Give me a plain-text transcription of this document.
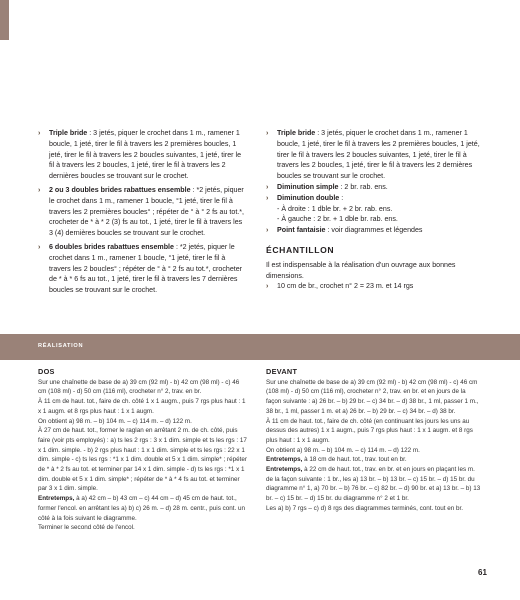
› Triple bride : 3 jetés, piquer le crochet dans 1 m., ramener 1 boucle, 1 jeté, tirer le fil à travers les 2 premières boucles, 1 jeté, tirer le fil à travers les 2 boucles suivantes, 1 jeté, tirer le fil à travers les 2 boucles, 1 jeté, tirer le fil à travers les 2 dernières boucles se trouvant sur le crochet.
› 2 ou 3 doubles brides rabattues ensemble : *2 jetés, piquer le crochet dans 1 m., ramener 1 boucle, °1 jeté, tirer le fil à travers les 2 premières boucles° ; répéter de ° à ° 2 fs au tot.*, crocheter de * à * 2 (3) fs au tot., 1 jeté, tirer le fil à travers les 3 (4) dernières boucles se trouvant sur le crochet.
› 6 doubles brides rabattues ensemble : *2 jetés, piquer le crochet dans 1 m., ramener 1 boucle, °1 jeté, tirer le fil à travers les 2 boucles° ; répéter de ° à ° 2 fs au tot.*, crocheter de * à * 6 fs au tot., 1 jeté, tirer le fil à travers les 7 dernières boucles se trouvant sur le crochet.
› Triple bride : 3 jetés, piquer le crochet dans 1 m., ramener 1 boucle, 1 jeté, tirer le fil à travers les 2 premières boucles, 1 jeté, tirer le fil à travers les 2 boucles suivantes, 1 jeté, tirer le fil à travers les 2 boucles, 1 jeté, tirer le fil à travers les 2 dernières boucles se trouvant sur le crochet.
› Diminution simple : 2 br. rab. ens.
› Diminution double :
- À droite : 1 dble br. + 2 br. rab. ens.
- À gauche : 2 br. + 1 dble br. rab. ens.
› Point fantaisie : voir diagrammes et légendes
ÉCHANTILLON
Il est indispensable à la réalisation d'un ouvrage aux bonnes dimensions.
› 10 cm de br., crochet n° 2 = 23 m. et 14 rgs
RÉALISATION
DOS
Sur une chaînette de base de a) 39 cm (92 ml) - b) 42 cm (98 ml) - c) 46 cm (108 ml) - d) 50 cm (116 ml), crocheter n° 2, trav. en br.
À 11 cm de haut. tot., faire de ch. côté 1 x 1 augm., puis 7 rgs plus haut : 1 x 1 augm. et 8 rgs plus haut : 1 x 1 augm.
On obtient a) 98 m. – b) 104 m. – c) 114 m. – d) 122 m.
À 27 cm de haut. tot., former le raglan en arrêtant 2 m. de ch. côté, puis faire (voir pts employés) : a) ts les 2 rgs : 3 x 1 dim. simple et ts les rgs : 17 x 1 dim. simple. - b) 2 rgs plus haut : 1 x 1 dim. simple et ts les rgs : 22 x 1 dim. simple - c) ts les rgs : *1 x 1 dim. double et 5 x 1 dim. simple* ; répéter de * à * 2 fs au tot. et terminer par 14 x 1 dim. simple - d) ts les rgs : *1 x 1 dim. double et 5 x 1 dim. simple* ; répéter de * à * 4 fs au tot. et terminer par 3 x 1 dim. simple.
Entretemps, à a) 42 cm – b) 43 cm – c) 44 cm – d) 45 cm de haut. tot., former l'encol. en arrêtant les a) b) c) 26 m. – d) 28 m. centr., puis cont. un côté à la fois suivant le diagramme.
Terminer le second côté de l'encol.
DEVANT
Sur une chaînette de base de a) 39 cm (92 ml) - b) 42 cm (98 ml) - c) 46 cm (108 ml) - d) 50 cm (116 ml), crocheter n° 2, trav. en br. et en jours de la façon suivante : a) 26 br. – b) 29 br. – c) 34 br. – d) 38 br., 1 ml, passer 1 m., 38 br., 1 ml, passer 1 m. et a) 26 br. – b) 29 br. – c) 34 br. – d) 38 br.
À 11 cm de haut. tot., faire de ch. côté (en continuant les jours les uns au dessus des autres) 1 x 1 augm., puis 7 rgs plus haut : 1 x 1 augm. et 8 rgs plus haut : 1 x 1 augm.
On obtient a) 98 m. – b) 104 m. – c) 114 m. – d) 122 m.
Entretemps, à 18 cm de haut. tot., trav. tout en br.
Entretemps, à 22 cm de haut. tot., trav. en br. et en jours en plaçant les m. de la façon suivante : 1 br., les a) 13 br. – b) 13 br. – c) 15 br. – d) 15 br. du diagramme n° 1, a) 70 br. – b) 76 br. – c) 82 br. – d) 90 br. et a) 13 br. – b) 13 br. – c) 15 br. – d) 15 br. du diagramme n° 2 et 1 br.
Les a) b) 7 rgs – c) d) 8 rgs des diagrammes terminés, cont. tout en br.
61
